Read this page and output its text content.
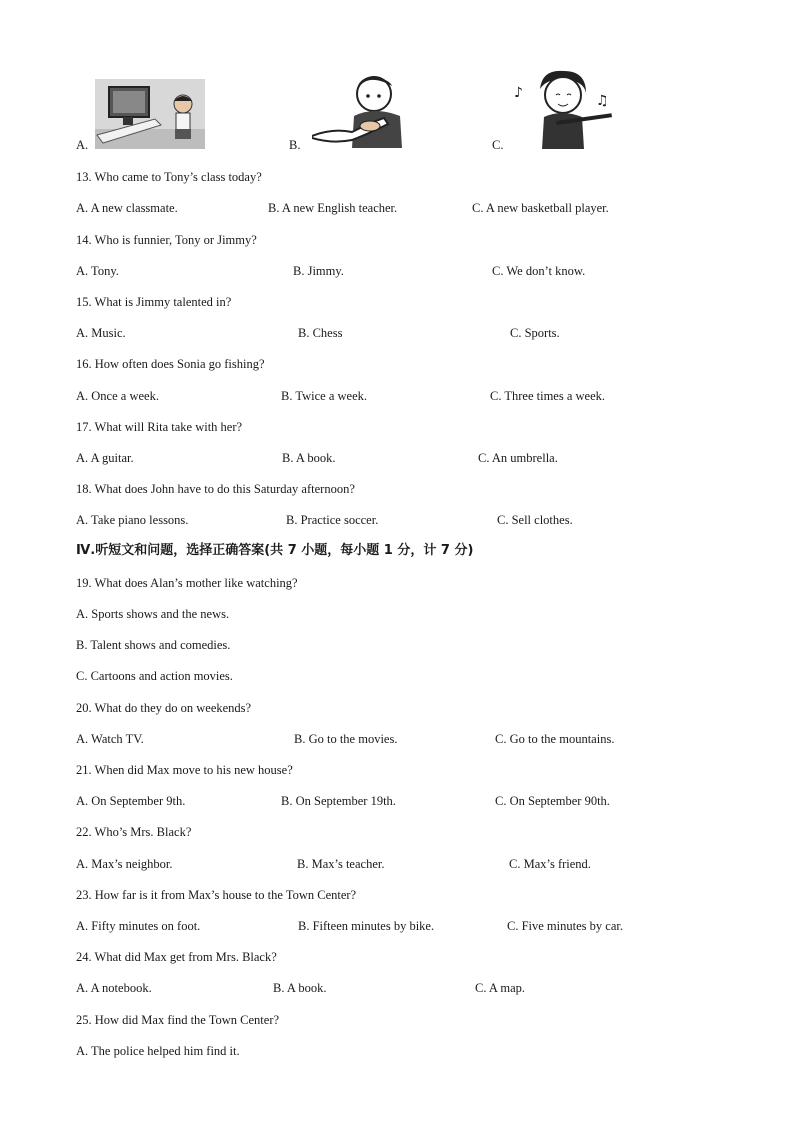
A.	B.	C.
♪	♫
13. Who came to Tony’s class today?
A. A new classmate.	B. A new English teacher.	C. A new basketball player.
14. Who is funnier, Tony or Jimmy?
A. Tony.	B. Jimmy.	C. We don’t know.
15. What is Jimmy talented in?
A. Music.	B. Chess	C. Sports.
16. How often does Sonia go fishing?
A. Once a week.	B. Twice a week.	C. Three times a week.
17. What will Rita take with her?
A. A guitar.	B. A book.	C. An umbrella.
18. What does John have to do this Saturday afternoon?
A. Take piano lessons.	B. Practice soccer.	C. Sell clothes.
Ⅳ.听短文和问题，选择正确答案(共 7 小题，每小题 1 分，计 7 分)
19. What does Alan’s mother like watching?
A. Sports shows and the news.
B. Talent shows and comedies.
C. Cartoons and action movies.
20. What do they do on weekends?
A. Watch TV.	B. Go to the movies.	C. Go to the mountains.
21. When did Max move to his new house?
A. On September 9th.	B. On September 19th.	C. On September 90th.
22. Who’s Mrs. Black?
A. Max’s neighbor.	B. Max’s teacher.	C. Max’s friend.
23. How far is it from Max’s house to the Town Center?
A. Fifty minutes on foot.	B. Fifteen minutes by bike.	C. Five minutes by car.
24. What did Max get from Mrs. Black?
A. A notebook.	B. A book.	C. A map.
25. How did Max find the Town Center?
A. The police helped him find it.
